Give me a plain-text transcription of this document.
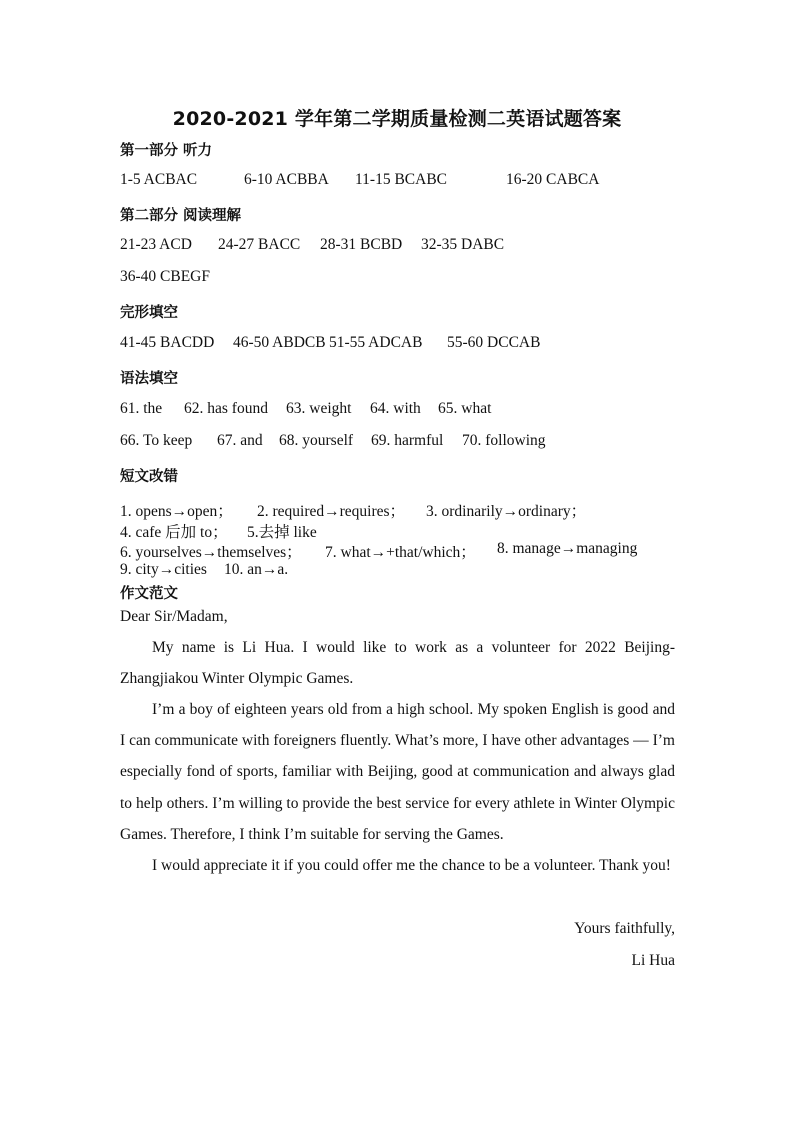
2020-2021 学年第二学期质量检测二英语试题答案
第一部分 听力
1-5 ACBAC	6-10 ACBBA 11-15 BCABC	16-20 CABCA
第二部分 阅读理解
21-23 ACD 24-27 BACC 28-31 BCBD 32-35 DABC
36-40 CBEGF
完形填空
41-45 BACDD 46-50 ABDCB 51-55 ADCAB 55-60 DCCAB
语法填空
61. the 62. has found 63. weight 64. with 65. what
66. To keep 67. and 68. yourself 69. harmful 70. following
短文改错
1. opens→open； 2. required→requires； 3. ordinarily→ordinary；
4. cafe 后加 to； 5.去掉 like
6. yourselves→themselves； 7. what→+that/which； 8. manage→managing
9. city→cities 10. an→a.
作文范文
Dear Sir/Madam,
My name is Li Hua. I would like to work as a volunteer for 2022 Beijing-Zhangjiakou Winter Olympic Games.
I’m a boy of eighteen years old from a high school. My spoken English is good and I can communicate with foreigners fluently. What’s more, I have other advantages — I’m especially fond of sports, familiar with Beijing, good at communication and always glad to help others. I’m willing to provide the best service for every athlete in Winter Olympic Games. Therefore, I think I’m suitable for serving the Games.
I would appreciate it if you could offer me the chance to be a volunteer. Thank you!
Yours faithfully,
Li Hua
